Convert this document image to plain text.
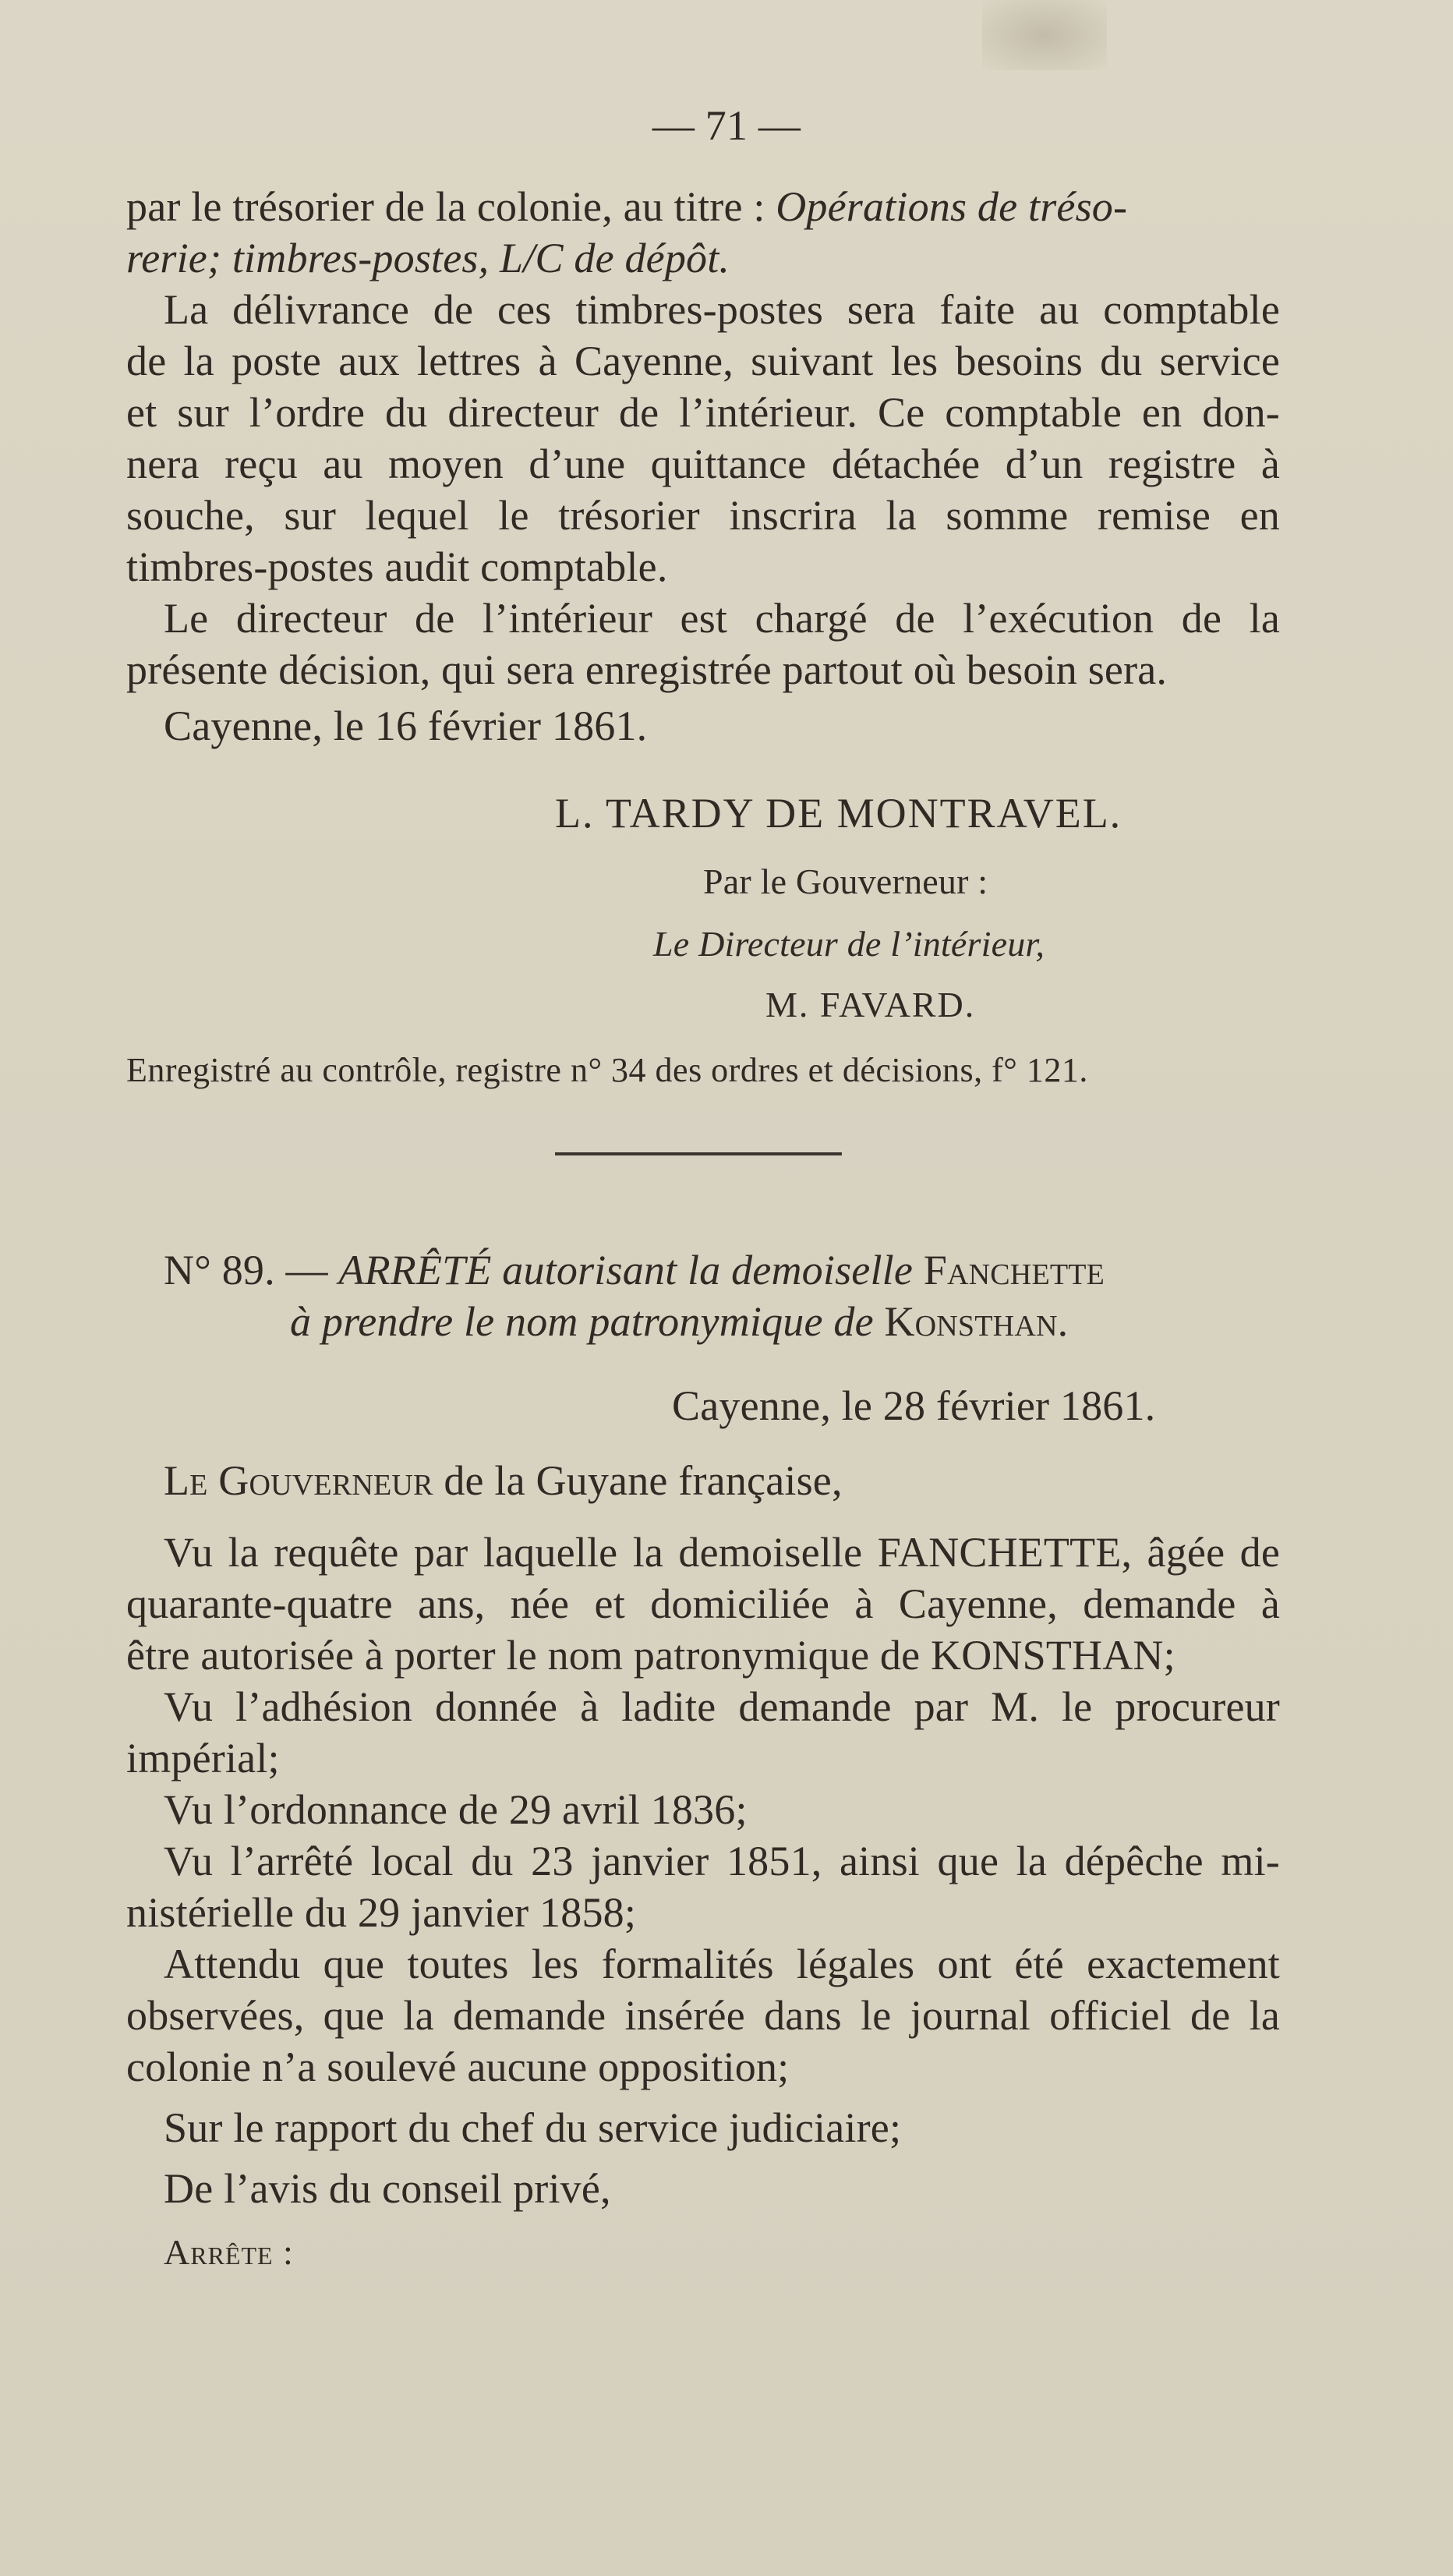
— 71 —
par le trésorier de la colonie, au titre : Opérations de tréso-
rerie; timbres-postes, L/C de dépôt.
La délivrance de ces timbres-postes sera faite au comptable
de la poste aux lettres à Cayenne, suivant les besoins du service
et sur l’ordre du directeur de l’intérieur. Ce comptable en don-
nera reçu au moyen d’une quittance détachée d’un registre à
souche, sur lequel le trésorier inscrira la somme remise en
timbres-postes audit comptable.
Le directeur de l’intérieur est chargé de l’exécution de la
présente décision, qui sera enregistrée partout où besoin sera.
Cayenne, le 16 février 1861.
L. TARDY DE MONTRAVEL.
Par le Gouverneur :
Le Directeur de l’intérieur,
M. FAVARD.
Enregistré au contrôle, registre n° 34 des ordres et décisions, f° 121.
N° 89. — ARRÊTÉ autorisant la demoiselle Fanchette
à prendre le nom patronymique de Konsthan.
Cayenne, le 28 février 1861.
Le Gouverneur de la Guyane française,
Vu la requête par laquelle la demoiselle FANCHETTE, âgée de
quarante-quatre ans, née et domiciliée à Cayenne, demande à
être autorisée à porter le nom patronymique de KONSTHAN;
Vu l’adhésion donnée à ladite demande par M. le procureur
impérial;
Vu l’ordonnance de 29 avril 1836;
Vu l’arrêté local du 23 janvier 1851, ainsi que la dépêche mi-
nistérielle du 29 janvier 1858;
Attendu que toutes les formalités légales ont été exactement
observées, que la demande insérée dans le journal officiel de la
colonie n’a soulevé aucune opposition;
Sur le rapport du chef du service judiciaire;
De l’avis du conseil privé,
Arrête :
